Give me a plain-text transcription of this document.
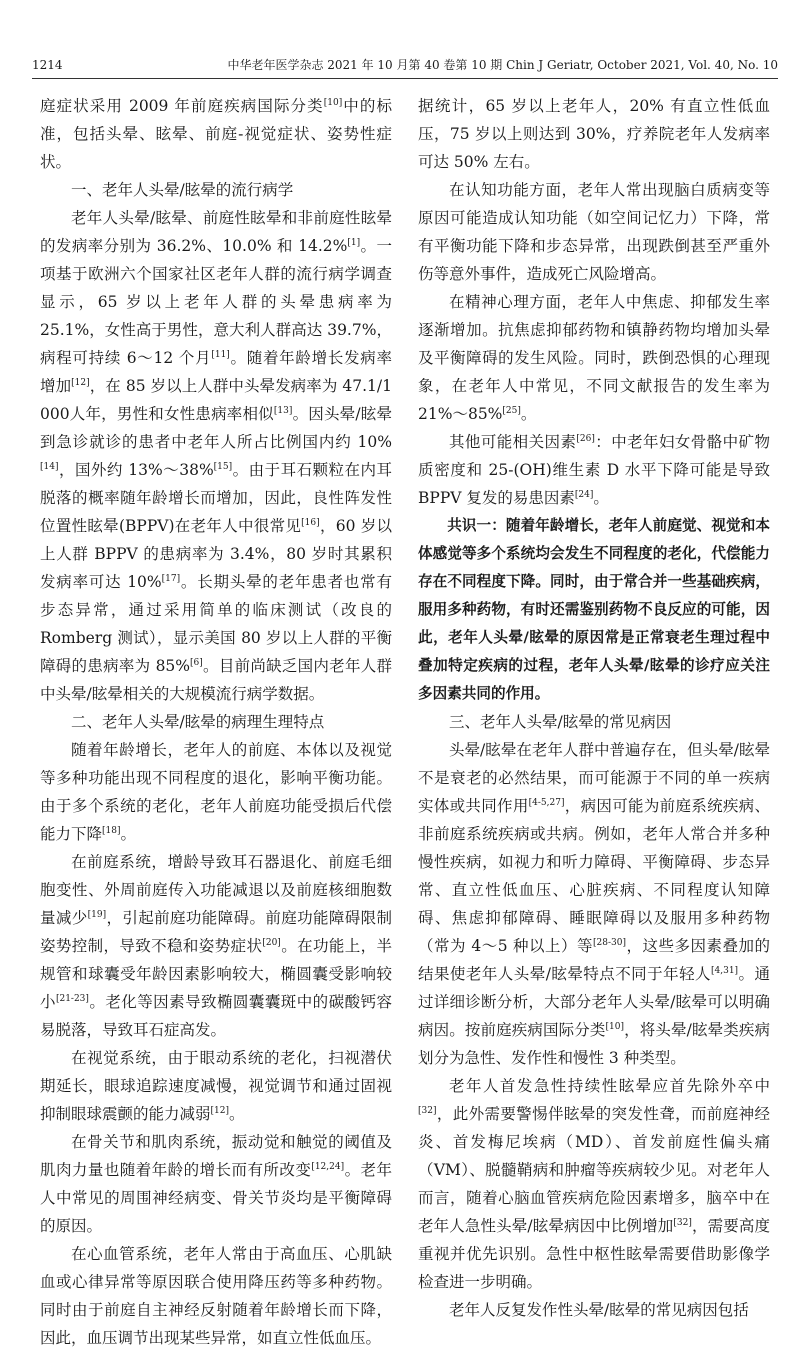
1214	中华老年医学杂志 2021 年 10 月第 40 卷第 10 期 Chin J Geriatr, October 2021, Vol. 40, No. 10

庭症状采用 2009 年前庭疾病国际分类[10]中的标准，包括头晕、眩晕、前庭-视觉症状、姿势性症状。

一、老年人头晕/眩晕的流行病学

老年人头晕/眩晕、前庭性眩晕和非前庭性眩晕的发病率分别为 36.2%、10.0% 和 14.2%[1]。一项基于欧洲六个国家社区老年人群的流行病学调查显示，65 岁以上老年人群的头晕患病率为 25.1%，女性高于男性，意大利人群高达 39.7%，病程可持续 6～12 个月[11]。随着年龄增长发病率增加[12]，在 85 岁以上人群中头晕发病率为 47.1/1 000人年，男性和女性患病率相似[13]。因头晕/眩晕到急诊就诊的患者中老年人所占比例国内约 10%[14]，国外约 13%～38%[15]。由于耳石颗粒在内耳脱落的概率随年龄增长而增加，因此，良性阵发性位置性眩晕(BPPV)在老年人中很常见[16]，60 岁以上人群 BPPV 的患病率为 3.4%，80 岁时其累积发病率可达 10%[17]。长期头晕的老年患者也常有步态异常，通过采用简单的临床测试（改良的 Romberg 测试），显示美国 80 岁以上人群的平衡障碍的患病率为 85%[6]。目前尚缺乏国内老年人群中头晕/眩晕相关的大规模流行病学数据。

二、老年人头晕/眩晕的病理生理特点

随着年龄增长，老年人的前庭、本体以及视觉等多种功能出现不同程度的退化，影响平衡功能。由于多个系统的老化，老年人前庭功能受损后代偿能力下降[18]。

在前庭系统，增龄导致耳石器退化、前庭毛细胞变性、外周前庭传入功能减退以及前庭核细胞数量减少[19]，引起前庭功能障碍。前庭功能障碍限制姿势控制，导致不稳和姿势症状[20]。在功能上，半规管和球囊受年龄因素影响较大，椭圆囊受影响较小[21-23]。老化等因素导致椭圆囊囊斑中的碳酸钙容易脱落，导致耳石症高发。

在视觉系统，由于眼动系统的老化，扫视潜伏期延长，眼球追踪速度减慢，视觉调节和通过固视抑制眼球震颤的能力减弱[12]。

在骨关节和肌肉系统，振动觉和触觉的阈值及肌肉力量也随着年龄的增长而有所改变[12,24]。老年人中常见的周围神经病变、骨关节炎均是平衡障碍的原因。

在心血管系统，老年人常由于高血压、心肌缺血或心律异常等原因联合使用降压药等多种药物。同时由于前庭自主神经反射随着年龄增长而下降，因此，血压调节出现某些异常，如直立性低血压。

据统计，65 岁以上老年人，20% 有直立性低血压，75 岁以上则达到 30%，疗养院老年人发病率可达 50% 左右。

在认知功能方面，老年人常出现脑白质病变等原因可能造成认知功能（如空间记忆力）下降，常有平衡功能下降和步态异常，出现跌倒甚至严重外伤等意外事件，造成死亡风险增高。

在精神心理方面，老年人中焦虑、抑郁发生率逐渐增加。抗焦虑抑郁药物和镇静药物均增加头晕及平衡障碍的发生风险。同时，跌倒恐惧的心理现象，在老年人中常见，不同文献报告的发生率为 21%～85%[25]。

其他可能相关因素[26]：中老年妇女骨骼中矿物质密度和 25-(OH)维生素 D 水平下降可能是导致 BPPV 复发的易患因素[24]。

共识一：随着年龄增长，老年人前庭觉、视觉和本体感觉等多个系统均会发生不同程度的老化，代偿能力存在不同程度下降。同时，由于常合并一些基础疾病，服用多种药物，有时还需鉴别药物不良反应的可能，因此，老年人头晕/眩晕的原因常是正常衰老生理过程中叠加特定疾病的过程，老年人头晕/眩晕的诊疗应关注多因素共同的作用。

三、老年人头晕/眩晕的常见病因

头晕/眩晕在老年人群中普遍存在，但头晕/眩晕不是衰老的必然结果，而可能源于不同的单一疾病实体或共同作用[4-5,27]，病因可能为前庭系统疾病、非前庭系统疾病或共病。例如，老年人常合并多种慢性疾病，如视力和听力障碍、平衡障碍、步态异常、直立性低血压、心脏疾病、不同程度认知障碍、焦虑抑郁障碍、睡眠障碍以及服用多种药物（常为 4～5 种以上）等[28-30]，这些多因素叠加的结果使老年人头晕/眩晕特点不同于年轻人[4,31]。通过详细诊断分析，大部分老年人头晕/眩晕可以明确病因。按前庭疾病国际分类[10]，将头晕/眩晕类疾病划分为急性、发作性和慢性 3 种类型。

老年人首发急性持续性眩晕应首先除外卒中[32]，此外需要警惕伴眩晕的突发性聋，而前庭神经炎、首发梅尼埃病（MD）、首发前庭性偏头痛（VM）、脱髓鞘病和肿瘤等疾病较少见。对老年人而言，随着心脑血管疾病危险因素增多，脑卒中在老年人急性头晕/眩晕病因中比例增加[32]，需要高度重视并优先识别。急性中枢性眩晕需要借助影像学检查进一步明确。

老年人反复发作性头晕/眩晕的常见病因包括
